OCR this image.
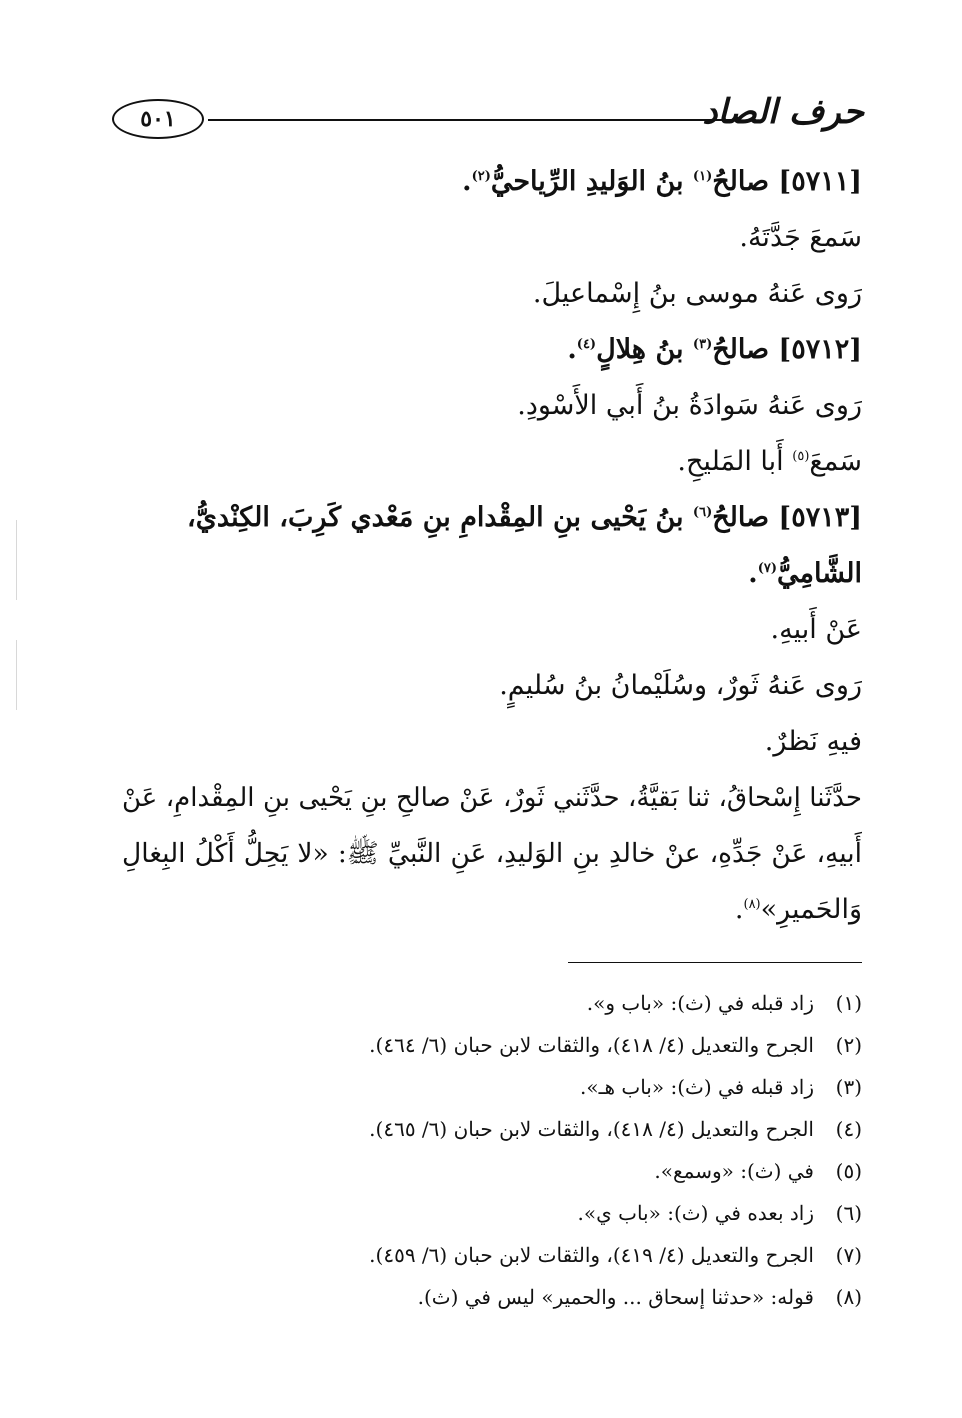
حرف الصاد
٥٠١
[٥٧١١] صالحُ$^{(١)}$ بنُ الوَليدِ الرِّياحيُّ$^{(٢)}$.
سَمعَ جَدَّتَهُ.
رَوى عَنهُ موسى بنُ إِسْماعيلَ.
[٥٧١٢] صالحُ$^{(٣)}$ بنُ هِلالٍ$^{(٤)}$.
رَوى عَنهُ سَوادَةُ بنُ أَبي الأَسْودِ.
سَمعَ$^{(٥)}$ أَبا المَليحِ.
[٥٧١٣] صالحُ$^{(٦)}$ بنُ يَحْيى بنِ المِقْدامِ بنِ مَعْدي كَرِبَ، الكِنْديُّ،
الشَّامِيُّ$^{(٧)}$.
عَنْ أَبيهِ.
رَوى عَنهُ ثَورٌ، وسُلَيْمانُ بنُ سُليمٍ.
فيهِ نَظرٌ.
حدَّثَنا إِسْحاقُ، ثنا بَقيَّةُ، حدَّثَني ثَورٌ، عَنْ صالحِ بنِ يَحْيى بنِ المِقْدامِ، عَنْ
أَبيهِ، عَنْ جَدِّهِ، عنْ خالدِ بنِ الوَليدِ، عَنِ النَّبيِّ ﷺ: «لا يَحِلُّ أَكْلُ البِغالِ
وَالحَميرِ»$^{(٨)}$.
(١)
زاد قبله في (ث): «باب و».
(٢)
الجرح والتعديل (٤/ ٤١٨)، والثقات لابن حبان (٦/ ٤٦٤).
(٣)
زاد قبله في (ث): «باب هـ».
(٤)
الجرح والتعديل (٤/ ٤١٨)، والثقات لابن حبان (٦/ ٤٦٥).
(٥)
في (ث): «وسمع».
(٦)
زاد بعده في (ث): «باب ي».
(٧)
الجرح والتعديل (٤/ ٤١٩)، والثقات لابن حبان (٦/ ٤٥٩).
(٨)
قوله: «حدثنا إسحاق ... والحمير» ليس في (ث).
